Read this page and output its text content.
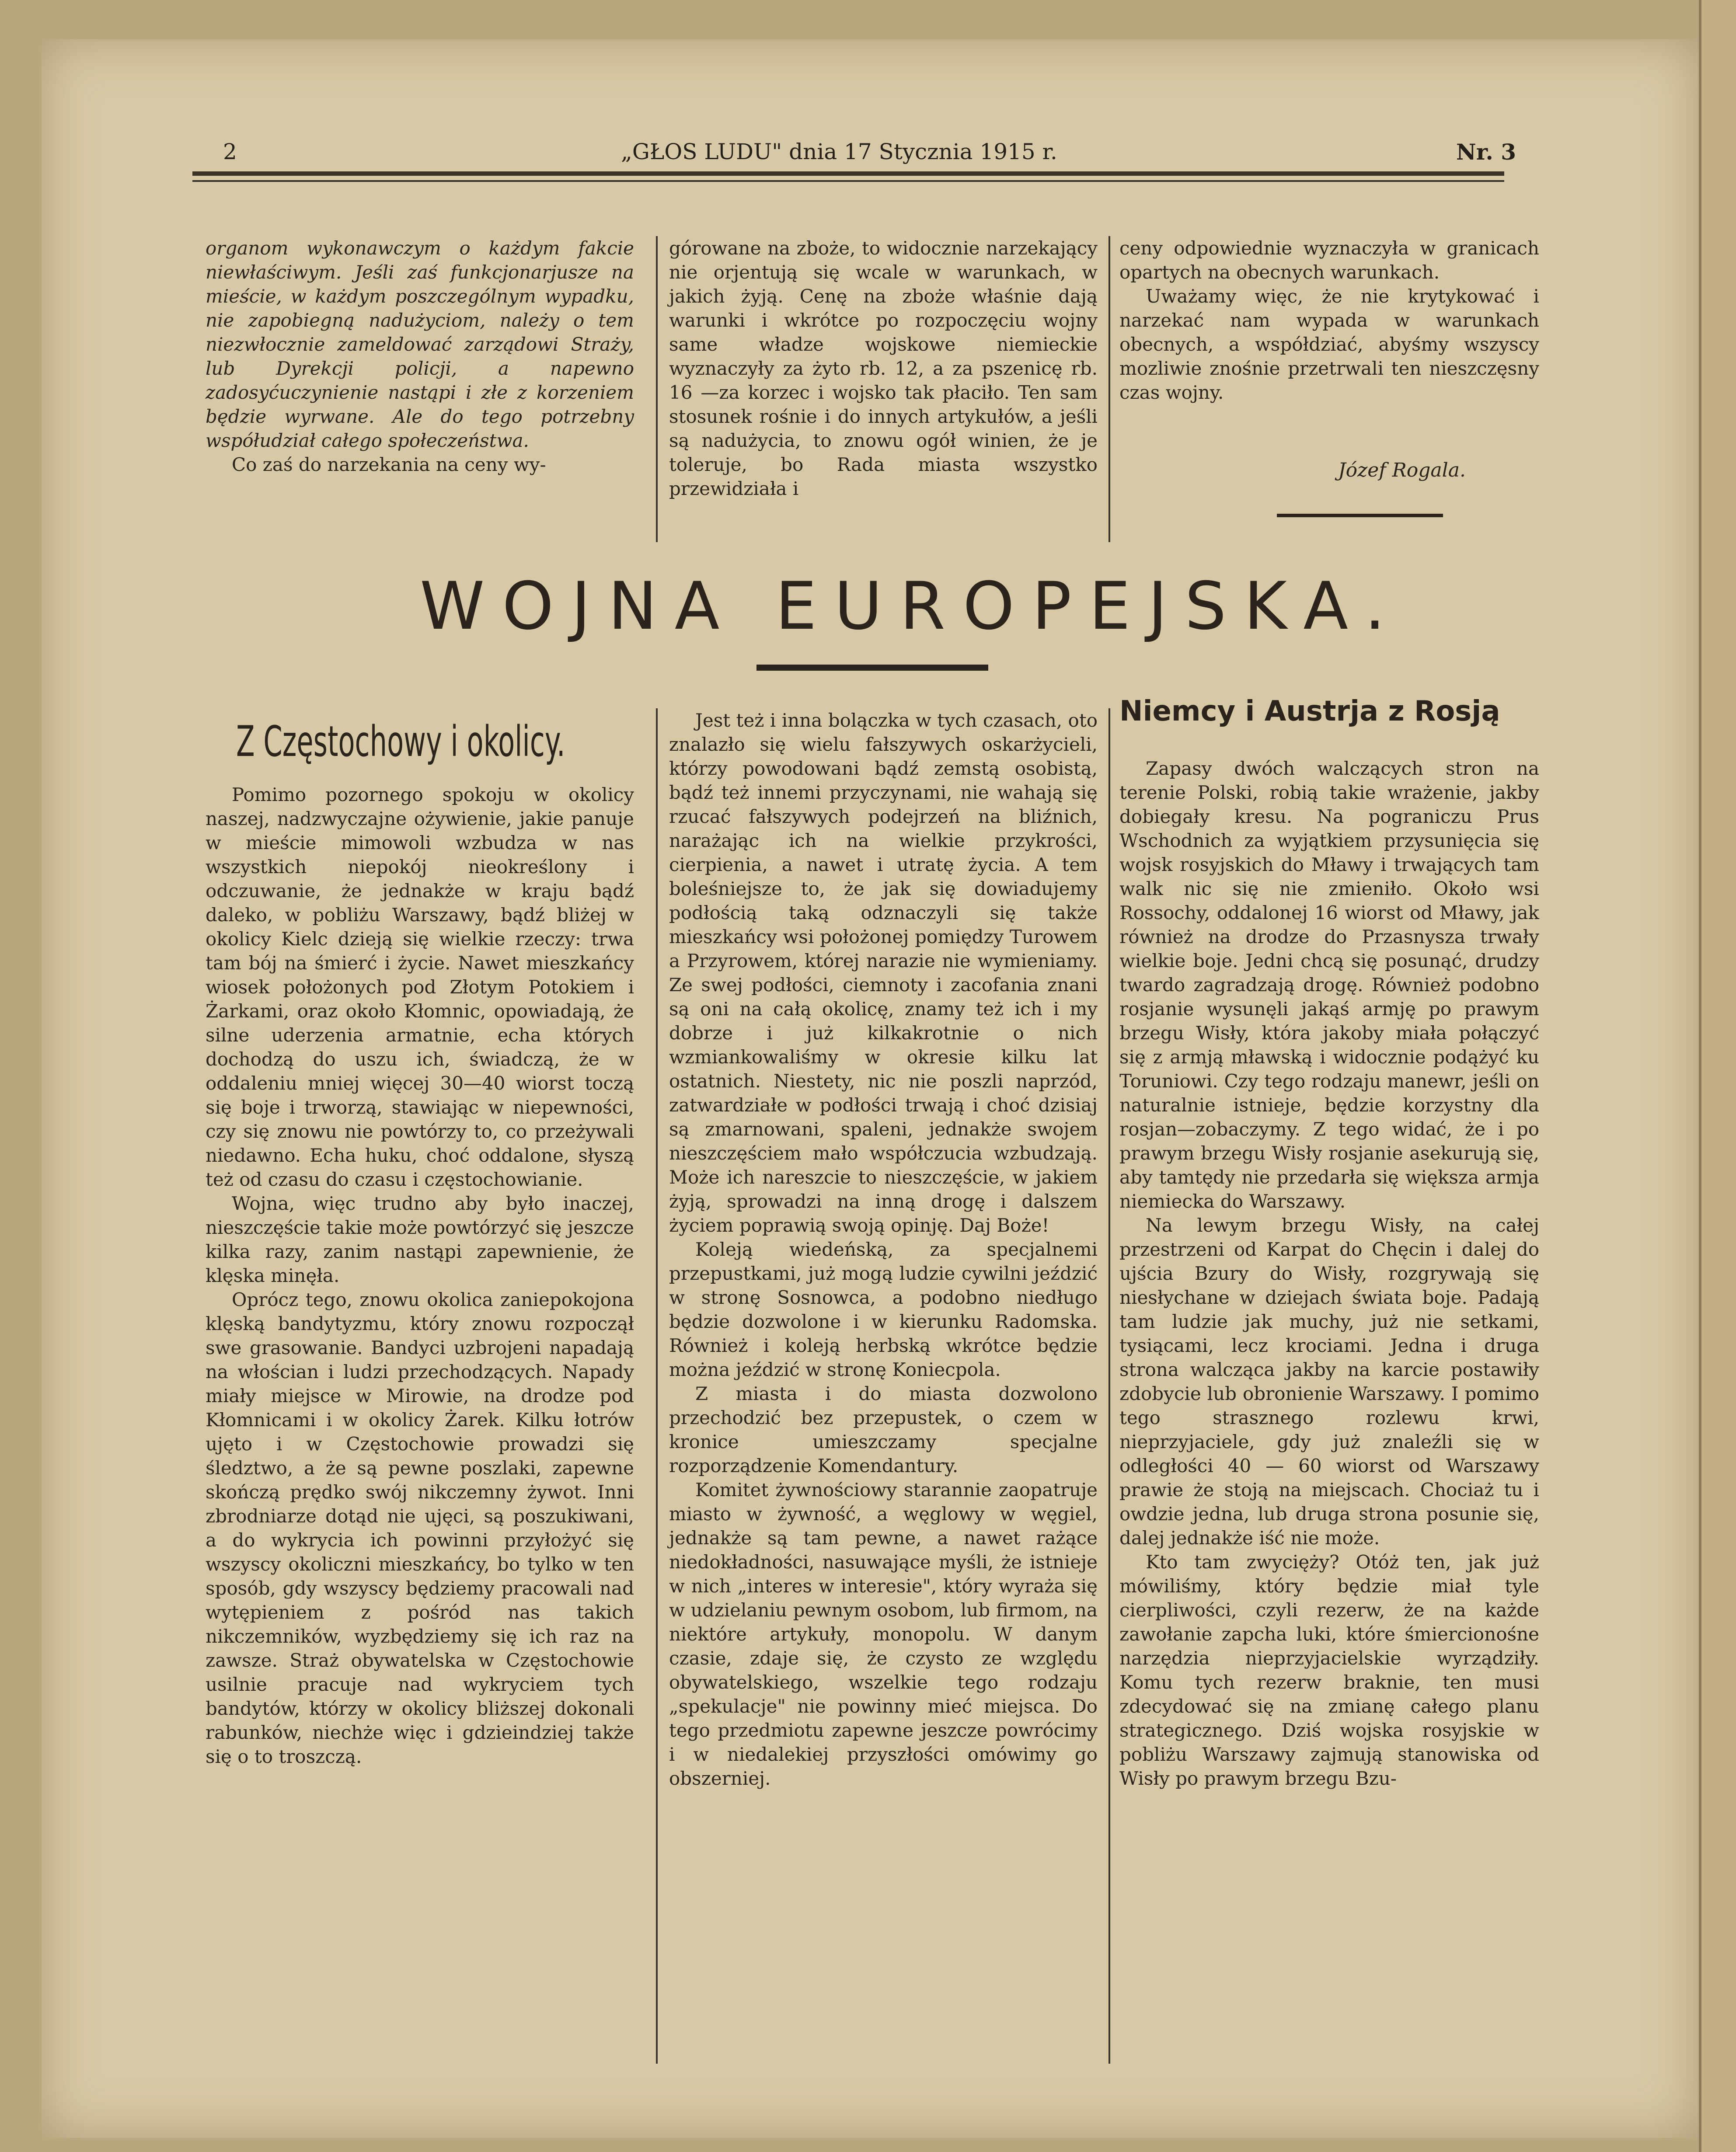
2	„GŁOS LUDU" dnia 17 Stycznia 1915 r.	Nr. 3

organom wykonawczym o każdym fakcie niewłaściwym. Jeśli zaś funkcjonarjusze na mieście, w każdym poszczególnym wypadku, nie zapobiegną nadużyciom, należy o tem niezwłocznie zameldować zarządowi Straży, lub Dyrekcji policji, a napewno zadosyćuczynienie nastąpi i złe z korzeniem będzie wyrwane. Ale do tego potrzebny współudział całego społeczeństwa.

Co zaś do narzekania na ceny wy-

górowane na zboże, to widocznie narzekający nie orjentują się wcale w warunkach, w jakich żyją. Cenę na zboże właśnie dają warunki i wkrótce po rozpoczęciu wojny same władze wojskowe niemieckie wyznaczyły za żyto rb. 12, a za pszenicę rb. 16 —za korzec i wojsko tak płaciło. Ten sam stosunek rośnie i do innych artykułów, a jeśli są nadużycia, to znowu ogół winien, że je toleruje, bo Rada miasta wszystko przewidziała i

ceny odpowiednie wyznaczyła w granicach opartych na obecnych warunkach.

Uważamy więc, że nie krytykować i narzekać nam wypada w warunkach obecnych, a współdziać, abyśmy wszyscy mozliwie znośnie przetrwali ten nieszczęsny czas wojny.

Józef Rogala.
WOJNA EUROPEJSKA.
Z Częstochowy i okolicy.

Pomimo pozornego spokoju w okolicy naszej, nadzwyczajne ożywienie, jakie panuje w mieście mimowoli wzbudza w nas wszystkich niepokój nieokreślony i odczuwanie, że jednakże w kraju bądź daleko, w pobliżu Warszawy, bądź bliżej w okolicy Kielc dzieją się wielkie rzeczy: trwa tam bój na śmierć i życie. Nawet mieszkańcy wiosek położonych pod Złotym Potokiem i Żarkami, oraz około Kłomnic, opowiadają, że silne uderzenia armatnie, echa których dochodzą do uszu ich, świadczą, że w oddaleniu mniej więcej 30—40 wiorst toczą się boje i trworzą, stawiając w niepewności, czy się znowu nie powtórzy to, co przeżywali niedawno. Echa huku, choć oddalone, słyszą też od czasu do czasu i częstochowianie.

Wojna, więc trudno aby było inaczej, nieszczęście takie może powtórzyć się jeszcze kilka razy, zanim nastąpi zapewnienie, że klęska minęła.

Oprócz tego, znowu okolica zaniepokojona klęską bandytyzmu, który znowu rozpoczął swe grasowanie. Bandyci uzbrojeni napadają na włościan i ludzi przechodzących. Napady miały miejsce w Mirowie, na drodze pod Kłomnicami i w okolicy Żarek. Kilku łotrów ujęto i w Częstochowie prowadzi się śledztwo, a że są pewne poszlaki, zapewne skończą prędko swój nikczemny żywot. Inni zbrodniarze dotąd nie ujęci, są poszukiwani, a do wykrycia ich powinni przyłożyć się wszyscy okoliczni mieszkańcy, bo tylko w ten sposób, gdy wszyscy będziemy pracowali nad wytępieniem z pośród nas takich nikczemników, wyzbędziemy się ich raz na zawsze. Straż obywatelska w Częstochowie usilnie pracuje nad wykryciem tych bandytów, którzy w okolicy bliższej dokonali rabunków, niechże więc i gdzieindziej także się o to troszczą.

Jest też i inna bolączka w tych czasach, oto znalazło się wielu fałszywych oskarżycieli, którzy powodowani bądź zemstą osobistą, bądź też innemi przyczynami, nie wahają się rzucać fałszywych podejrzeń na bliźnich, narażając ich na wielkie przykrości, cierpienia, a nawet i utratę życia. A tem boleśniejsze to, że jak się dowiadujemy podłością taką odznaczyli się także mieszkańcy wsi położonej pomiędzy Turowem a Przyrowem, której narazie nie wymieniamy. Ze swej podłości, ciemnoty i zacofania znani są oni na całą okolicę, znamy też ich i my dobrze i już kilkakrotnie o nich wzmiankowaliśmy w okresie kilku lat ostatnich. Niestety, nic nie poszli naprzód, zatwardziałe w podłości trwają i choć dzisiaj są zmarnowani, spaleni, jednakże swojem nieszczęściem mało współczucia wzbudzają. Może ich nareszcie to nieszczęście, w jakiem żyją, sprowadzi na inną drogę i dalszem życiem poprawią swoją opinję. Daj Boże!

Koleją wiedeńską, za specjalnemi przepustkami, już mogą ludzie cywilni jeździć w stronę Sosnowca, a podobno niedługo będzie dozwolone i w kierunku Radomska. Również i koleją herbską wkrótce będzie można jeździć w stronę Koniecpola.

Z miasta i do miasta dozwolono przechodzić bez przepustek, o czem w kronice umieszczamy specjalne rozporządzenie Komendantury.

Komitet żywnościowy starannie zaopatruje miasto w żywność, a węglowy w węgiel, jednakże są tam pewne, a nawet rażące niedokładności, nasuwające myśli, że istnieje w nich „interes w interesie", który wyraża się w udzielaniu pewnym osobom, lub firmom, na niektóre artykuły, monopolu. W danym czasie, zdaje się, że czysto ze względu obywatelskiego, wszelkie tego rodzaju „spekulacje" nie powinny mieć miejsca. Do tego przedmiotu zapewne jeszcze powrócimy i w niedalekiej przyszłości omówimy go obszerniej.

Niemcy i Austrja z Rosją

Zapasy dwóch walczących stron na terenie Polski, robią takie wrażenie, jakby dobiegały kresu. Na pograniczu Prus Wschodnich za wyjątkiem przysunięcia się wojsk rosyjskich do Mławy i trwających tam walk nic się nie zmieniło. Około wsi Rossochy, oddalonej 16 wiorst od Mławy, jak również na drodze do Przasnysza trwały wielkie boje. Jedni chcą się posunąć, drudzy twardo zagradzają drogę. Również podobno rosjanie wysunęli jakąś armję po prawym brzegu Wisły, która jakoby miała połączyć się z armją mławską i widocznie podążyć ku Toruniowi. Czy tego rodzaju manewr, jeśli on naturalnie istnieje, będzie korzystny dla rosjan—zobaczymy. Z tego widać, że i po prawym brzegu Wisły rosjanie asekurują się, aby tamtędy nie przedarła się większa armja niemiecka do Warszawy.

Na lewym brzegu Wisły, na całej przestrzeni od Karpat do Chęcin i dalej do ujścia Bzury do Wisły, rozgrywają się niesłychane w dziejach świata boje. Padają tam ludzie jak muchy, już nie setkami, tysiącami, lecz krociami. Jedna i druga strona walcząca jakby na karcie postawiły zdobycie lub obronienie Warszawy. I pomimo tego strasznego rozlewu krwi, nieprzyjaciele, gdy już znaleźli się w odległości 40 — 60 wiorst od Warszawy prawie że stoją na miejscach. Chociaż tu i owdzie jedna, lub druga strona posunie się, dalej jednakże iść nie może.

Kto tam zwycięży? Otóż ten, jak już mówiliśmy, który będzie miał tyle cierpliwości, czyli rezerw, że na każde zawołanie zapcha luki, które śmiercionośne narzędzia nieprzyjacielskie wyrządziły. Komu tych rezerw braknie, ten musi zdecydować się na zmianę całego planu strategicznego. Dziś wojska rosyjskie w pobliżu Warszawy zajmują stanowiska od Wisły po prawym brzegu Bzu-
